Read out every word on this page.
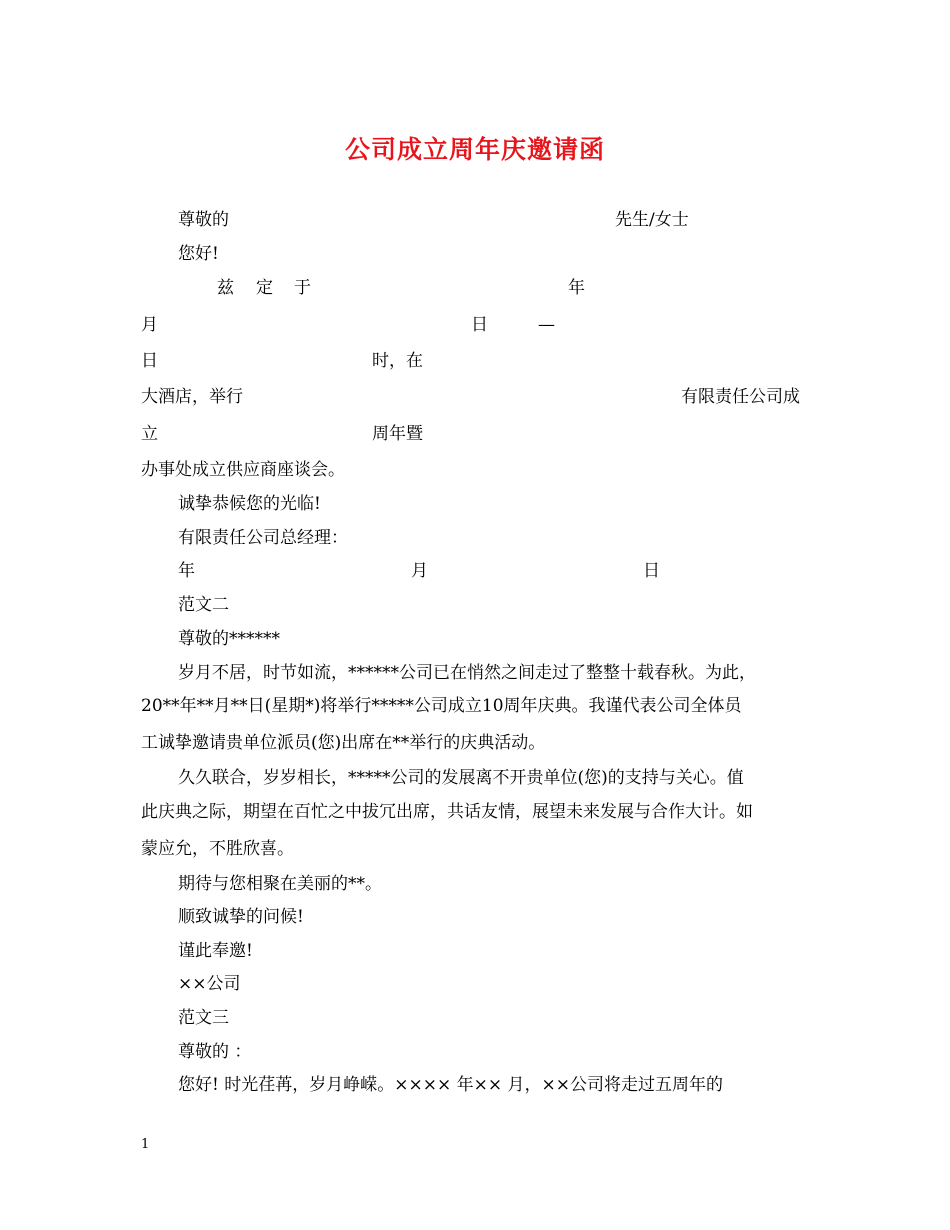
公司成立周年庆邀请函
尊敬的	先生/女士
您好!
兹 定 于	年
月	日	—
日	时，在
大酒店，举行	有限责任公司成
立	周年暨
办事处成立供应商座谈会。
诚挚恭候您的光临!
有限责任公司总经理：
年	月	日
范文二
尊敬的******
岁月不居，时节如流，******公司已在悄然之间走过了整整十载春秋。为此，
20**年**月**日(星期*)将举行*****公司成立10周年庆典。我谨代表公司全体员
工诚挚邀请贵单位派员(您)出席在**举行的庆典活动。
久久联合，岁岁相长，*****公司的发展离不开贵单位(您)的支持与关心。值
此庆典之际，期望在百忙之中拔冗出席，共话友情，展望未来发展与合作大计。如
蒙应允，不胜欣喜。
期待与您相聚在美丽的**。
顺致诚挚的问候!
谨此奉邀!
××公司
范文三
尊敬的 ：
您好! 时光荏苒，岁月峥嵘。×××× 年×× 月，××公司将走过五周年的
1
